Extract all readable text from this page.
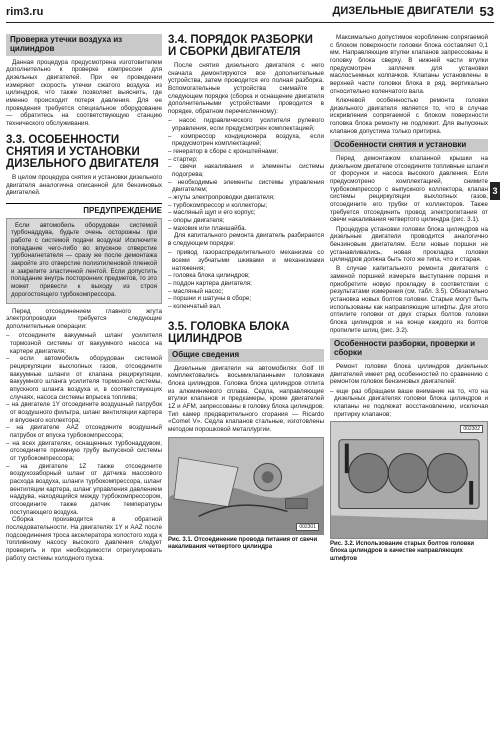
rim3.ru	ДИЗЕЛЬНЫЕ ДВИГАТЕЛИ 53
3
Проверка утечки воздуха из цилиндров

Данная процедура предусмотрена изготовителем дополнительно к проверке компрессии для дизельных двигателей. При ее проведении измеряют скорость утечки сжатого воздуха из цилиндров, что также позволяет выяснить, где именно происходит потеря давления. Для ее проведения требуется специальное оборудование — обратитесь на соответствующую станцию технического обслуживания.

3.3. ОСОБЕННОСТИ СНЯТИЯ И УСТАНОВКИ ДИЗЕЛЬНОГО ДВИГАТЕЛЯ

В целом процедура снятия и установки дизельного двигателя аналогична описанной для бензиновых двигателей.

ПРЕДУПРЕЖДЕНИЕ

Если автомобиль оборудован системой турбонаддува, будьте очень осторожны при работе с системой подачи воздуха! Исключите попадание чего-либо во впускное отверстие турбонагнетателя — сразу же после демонтажа закройте это отверстие полиэтиленовой пленкой и закрепите эластичной лентой. Если допустить попадание внутрь посторонних предметов, то это может привести к выходу из строя дорогостоящего турбокомпрессора.

Перед отсоединением главного жгута электропроводки требуется следующие дополнительные операции:

– отсоедините вакуумный шланг усилителя тормозной системы от вакуумного насоса на картере двигателя;
– если автомобиль оборудован системой рециркуляции выхлопных газов, отсоедините вакуумные шланги от клапана рециркуляции, вакуумного шланга усилителя тормозной системы, впускного шланга воздуха и, в соответствующих случаях, насоса системы впрыска топлива;
– на двигателе 1Y отсоедините воздушный патрубок от воздушного фильтра, шланг вентиляции картера и впускного коллектора;
– на двигателе AAZ отсоедините воздушный патрубок от впуска турбокомпрессора;
– на всех двигателях, оснащенных турбонаддувом, отсоедините приемную трубу выпускной системы от турбокомпрессора;
– на двигателе 1Z также отсоедините воздухозаборный шланг от датчика массового расхода воздуха, шланги турбокомпрессора, шланг вентиляции картера, шланг управления давлением наддува, находящийся между турбокомпрессором, отсоедините также датчик температуры поступающего воздуха.

Сборка производится в обратной последовательности. На двигателях 1Y и AAZ после подсоединения троса акселератора холостого хода к топливному насосу высокого давления следует проверить и при необходимости отрегулировать работу системы холодного пуска.

3.4. ПОРЯДОК РАЗБОРКИ И СБОРКИ ДВИГАТЕЛЯ

После снятия дизельного двигателя с него сначала демонтируются все дополнительные устройства, затем проводится его полная разборка. Вспомогательные устройства снимайте в следующем порядке (сборка и оснащение двигателя дополнительными устройствами проводится в порядке, обратном перечисленному):

– насос гидравлического усилителя рулевого управления, если предусмотрен комплектацией;
– компрессор кондиционера воздуха, если предусмотрен комплектацией;
– генератор в сборе с кронштейнами;
– стартер;
– свечи накаливания и элементы системы подогрева;
– необходимые элементы системы управления двигателем;
– жгуты электропроводки двигателя;
– турбокомпрессор и коллекторы;
– масляный щуп и его корпус;
– опоры двигателя;
– маховик или планшайба.

Для капитального ремонта двигатель разбирается в следующем порядке:

– привод газораспределительного механизма со всеми зубчатыми шкивами и механизмами натяжения;
– головка блока цилиндров;
– поддон картера двигателя;
– масляный насос;
– поршни и шатуны в сборе;
– коленчатый вал.
3.5. ГОЛОВКА БЛОКА ЦИЛИНДРОВ
Общие сведения

Дизельные двигатели на автомобилях Golf III комплектовались восьмиклапанными головками блока цилиндров. Головка блока цилиндров отлита из алюминиевого сплава. Седла, направляющие втулки клапанов и предкамеры, кроме двигателей 1Z и AFM, запрессованы в головку блока цилиндров. Тип камер предварительного сгорания — Ricardo «Comet V». Седла клапанов стальные, изготовлены методом порошковой металлургии.

002301
Рис. 3.1. Отсоединение провода питания от свечи накаливания четвертого цилиндра

Максимально допустимое коробление сопрягаемой с блоком поверхности головки блока составляет 0,1 мм. Направляющие втулки клапанов запрессованы в головку блока сверху. В нижней части втулки предусмотрен заплечик для установки маслосъемных колпачков. Клапаны установлены в верхней части головки блока в ряд, вертикально относительно коленчатого вала.

Ключевой особенностью ремонта головки дизельного двигателя является то, что в случае искривления сопрягаемой с блоком поверхности головка блока ремонту не подлежит. Для выпускных клапанов допустима только притирка.

Особенности снятия и установки

Перед демонтажом клапанной крышки на дизельном двигателе отсоедините топливные шланги от форсунок и насоса высокого давления. Если предусмотрено комплектацией, снимите турбокомпрессор с выпускного коллектора, клапан системы рециркуляции выхлопных газов, отсоедините его трубки от коллекторов. Также требуется отсоединить провод электропитания от свечи накаливания четвертого цилиндра (рис. 3.1).

Процедура установки головки блока цилиндров на дизельные двигатели проводится аналогично бензиновым двигателям. Если новые поршни не устанавливались, новая прокладка головки цилиндров должна быть того же типа, что и старая.

В случае капитального ремонта двигателя с заменой поршней измерьте выступание поршня и приобретите новую прокладку в соответствии с результатами измерения (см. табл. 3.5). Обязательно установка новых болтов головки. Старые могут быть использованы как направляющие штифты. Для этого отпилите головки от двух старых болтов головки блока цилиндров и на конце каждого из болтов пропилите шлиц (рис. 3.2).

Особенности разборки, проверки и сборки

Ремонт головки блока цилиндров дизельных двигателей имеет ряд особенностей по сравнению с ремонтом головок бензиновых двигателей:

– еще раз обращаем ваше внимание на то, что на дизельных двигателях головки блока цилиндров и клапаны не подлежат восстановлению, исключая притирку клапанов;
002302
Рис. 3.2. Использование старых болтов головки блока цилиндров в качестве направляющих штифтов
